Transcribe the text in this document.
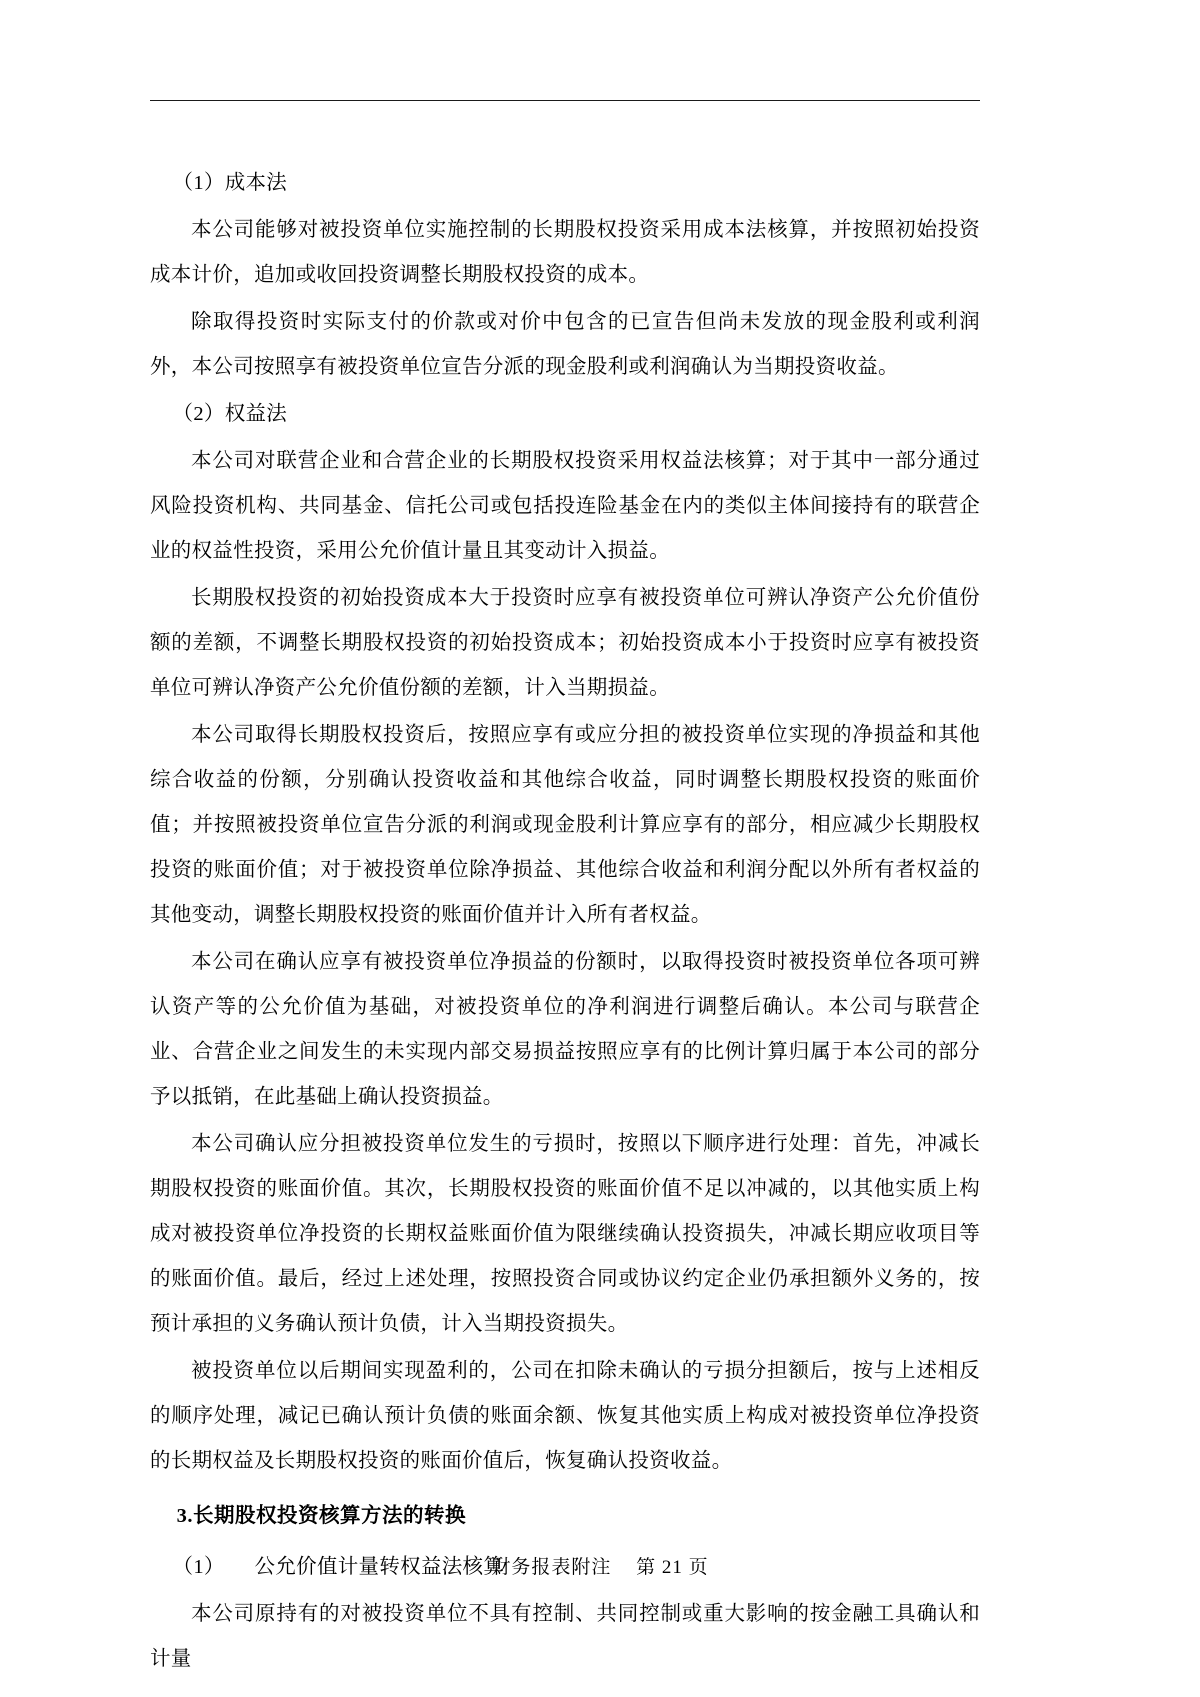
（1）成本法

本公司能够对被投资单位实施控制的长期股权投资采用成本法核算，并按照初始投资成本计价，追加或收回投资调整长期股权投资的成本。

除取得投资时实际支付的价款或对价中包含的已宣告但尚未发放的现金股利或利润外，本公司按照享有被投资单位宣告分派的现金股利或利润确认为当期投资收益。

（2）权益法

本公司对联营企业和合营企业的长期股权投资采用权益法核算；对于其中一部分通过风险投资机构、共同基金、信托公司或包括投连险基金在内的类似主体间接持有的联营企业的权益性投资，采用公允价值计量且其变动计入损益。

长期股权投资的初始投资成本大于投资时应享有被投资单位可辨认净资产公允价值份额的差额，不调整长期股权投资的初始投资成本；初始投资成本小于投资时应享有被投资单位可辨认净资产公允价值份额的差额，计入当期损益。

本公司取得长期股权投资后，按照应享有或应分担的被投资单位实现的净损益和其他综合收益的份额，分别确认投资收益和其他综合收益，同时调整长期股权投资的账面价值；并按照被投资单位宣告分派的利润或现金股利计算应享有的部分，相应减少长期股权投资的账面价值；对于被投资单位除净损益、其他综合收益和利润分配以外所有者权益的其他变动，调整长期股权投资的账面价值并计入所有者权益。

本公司在确认应享有被投资单位净损益的份额时，以取得投资时被投资单位各项可辨认资产等的公允价值为基础，对被投资单位的净利润进行调整后确认。本公司与联营企业、合营企业之间发生的未实现内部交易损益按照应享有的比例计算归属于本公司的部分予以抵销，在此基础上确认投资损益。

本公司确认应分担被投资单位发生的亏损时，按照以下顺序进行处理：首先，冲减长期股权投资的账面价值。其次，长期股权投资的账面价值不足以冲减的，以其他实质上构成对被投资单位净投资的长期权益账面价值为限继续确认投资损失，冲减长期应收项目等的账面价值。最后，经过上述处理，按照投资合同或协议约定企业仍承担额外义务的，按预计承担的义务确认预计负债，计入当期投资损失。

被投资单位以后期间实现盈利的，公司在扣除未确认的亏损分担额后，按与上述相反的顺序处理，减记已确认预计负债的账面余额、恢复其他实质上构成对被投资单位净投资的长期权益及长期股权投资的账面价值后，恢复确认投资收益。

3.长期股权投资核算方法的转换

（1） 公允价值计量转权益法核算

本公司原持有的对被投资单位不具有控制、共同控制或重大影响的按金融工具确认和计量

财务报表附注 第 21 页
